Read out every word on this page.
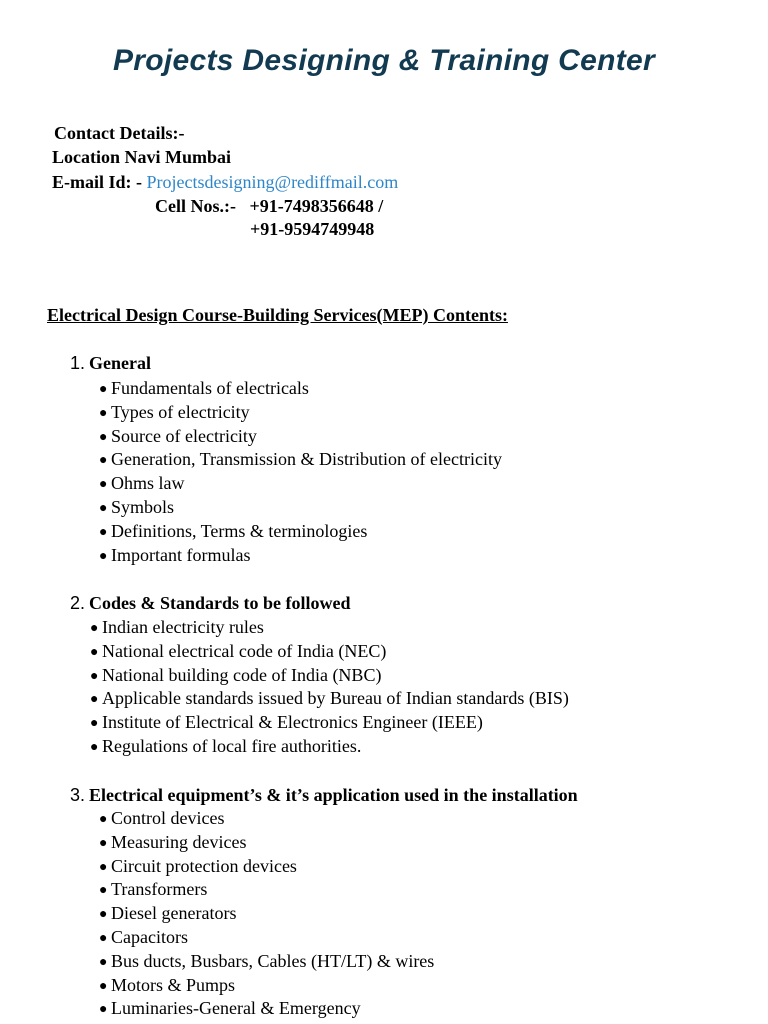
Projects Designing & Training Center
Contact Details:-
Location Navi Mumbai
E-mail Id: - Projectsdesigning@rediffmail.com
Cell Nos.:- +91-7498356648 /
+91-9594749948
Electrical Design Course-Building Services(MEP) Contents:
1. General
● Fundamentals of electricals
● Types of electricity
● Source of electricity
● Generation, Transmission & Distribution of electricity
● Ohms law
● Symbols
● Definitions, Terms & terminologies
● Important formulas
2. Codes & Standards to be followed
● Indian electricity rules
● National electrical code of India (NEC)
● National building code of India (NBC)
● Applicable standards issued by Bureau of Indian standards (BIS)
● Institute of Electrical & Electronics Engineer (IEEE)
● Regulations of local fire authorities.
3. Electrical equipment’s & it’s application used in the installation
● Control devices
● Measuring devices
● Circuit protection devices
● Transformers
● Diesel generators
● Capacitors
● Bus ducts, Busbars, Cables (HT/LT) & wires
● Motors & Pumps
● Luminaries-General & Emergency
